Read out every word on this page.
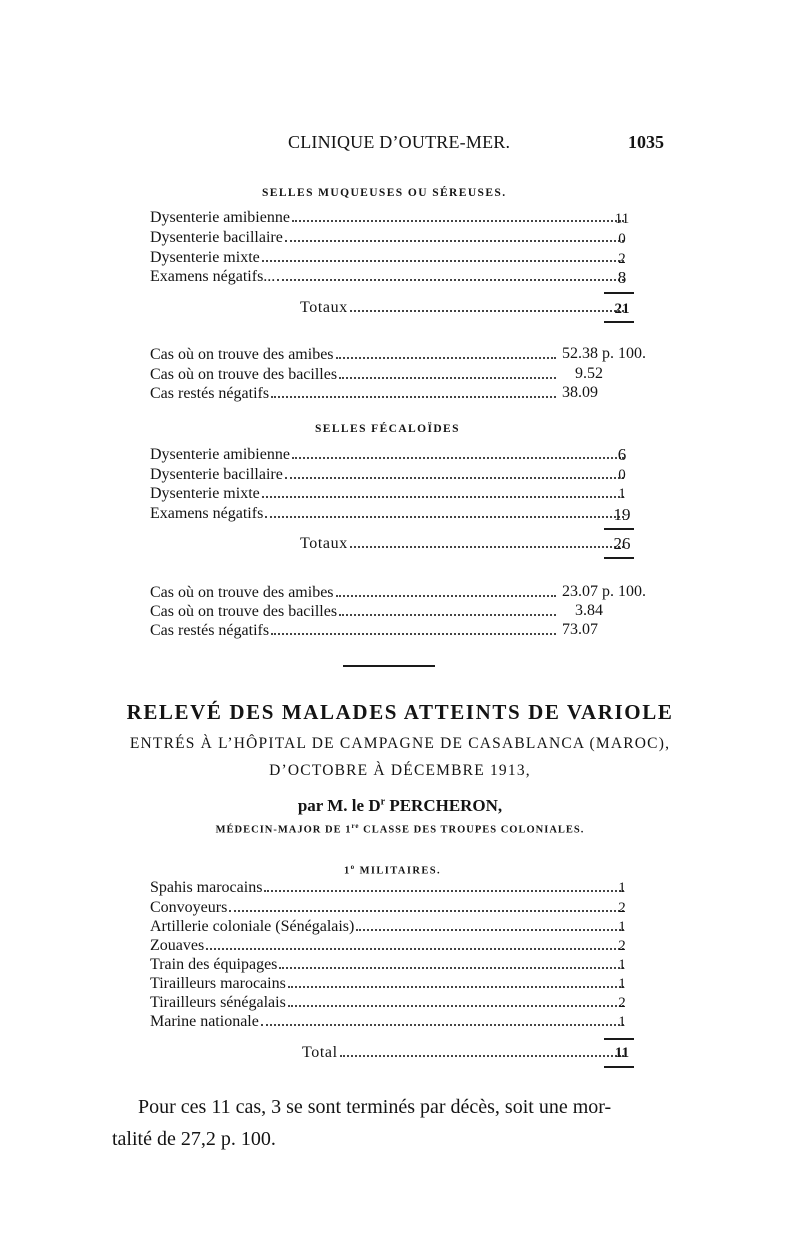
CLINIQUE D’OUTRE-MER.	1035
SELLES MUQUEUSES OU SÉREUSES.
Dysenterie amibienne	11
Dysenterie bacillaire	0
Dysenterie mixte	2
Examens négatifs...	8
Totaux	21
Cas où on trouve des amibes	52.38 p. 100.
Cas où on trouve des bacilles	9.52
Cas restés négatifs	38.09
SELLES FÉCALOÏDES
Dysenterie amibienne	6
Dysenterie bacillaire	0
Dysenterie mixte	1
Examens négatifs	19
Totaux	26
Cas où on trouve des amibes	23.07 p. 100.
Cas où on trouve des bacilles	3.84
Cas restés négatifs	73.07
RELEVÉ DES MALADES ATTEINTS DE VARIOLE
ENTRÉS À L’HÔPITAL DE CAMPAGNE DE CASABLANCA (MAROC),
D’OCTOBRE À DÉCEMBRE 1913,
par M. le $D^r$ PERCHERON,
MÉDECIN-MAJOR DE 1re CLASSE DES TROUPES COLONIALES.
1$^o$ MILITAIRES.
Spahis marocains	1
Convoyeurs	2
Artillerie coloniale (Sénégalais)	1
Zouaves	2
Train des équipages	1
Tirailleurs marocains	1
Tirailleurs sénégalais	2
Marine nationale	1
Total	11
Pour ces 11 cas, 3 se sont terminés par décès, soit une mor-
talité de 27,2 p. 100.
